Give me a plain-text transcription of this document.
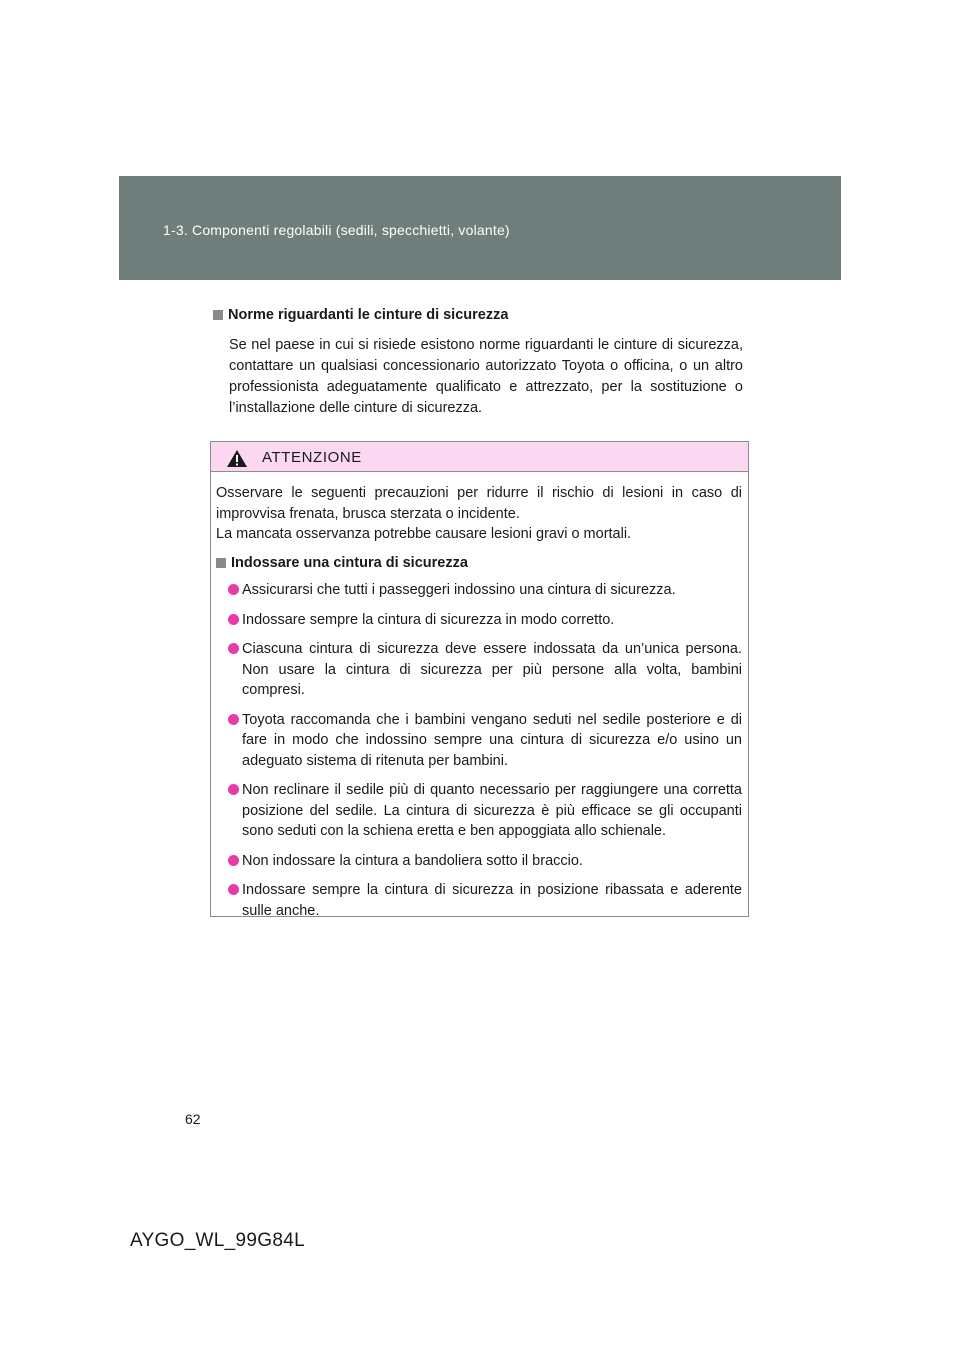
1-3. Componenti regolabili (sedili, specchietti, volante)
Norme riguardanti le cinture di sicurezza
Se nel paese in cui si risiede esistono norme riguardanti le cinture di sicurezza, contattare un qualsiasi concessionario autorizzato Toyota o officina, o un altro professionista adeguatamente qualificato e attrezzato, per la sostituzione o l’installazione delle cinture di sicurezza.
ATTENZIONE
Osservare le seguenti precauzioni per ridurre il rischio di lesioni in caso di improvvisa frenata, brusca sterzata o incidente.
La mancata osservanza potrebbe causare lesioni gravi o mortali.
Indossare una cintura di sicurezza
Assicurarsi che tutti i passeggeri indossino una cintura di sicurezza.
Indossare sempre la cintura di sicurezza in modo corretto.
Ciascuna cintura di sicurezza deve essere indossata da un’unica persona. Non usare la cintura di sicurezza per più persone alla volta, bambini compresi.
Toyota raccomanda che i bambini vengano seduti nel sedile posteriore e di fare in modo che indossino sempre una cintura di sicurezza e/o usino un adeguato sistema di ritenuta per bambini.
Non reclinare il sedile più di quanto necessario per raggiungere una corretta posizione del sedile. La cintura di sicurezza è più efficace se gli occupanti sono seduti con la schiena eretta e ben appoggiata allo schienale.
Non indossare la cintura a bandoliera sotto il braccio.
Indossare sempre la cintura di sicurezza in posizione ribassata e aderente sulle anche.
62
AYGO_WL_99G84L
